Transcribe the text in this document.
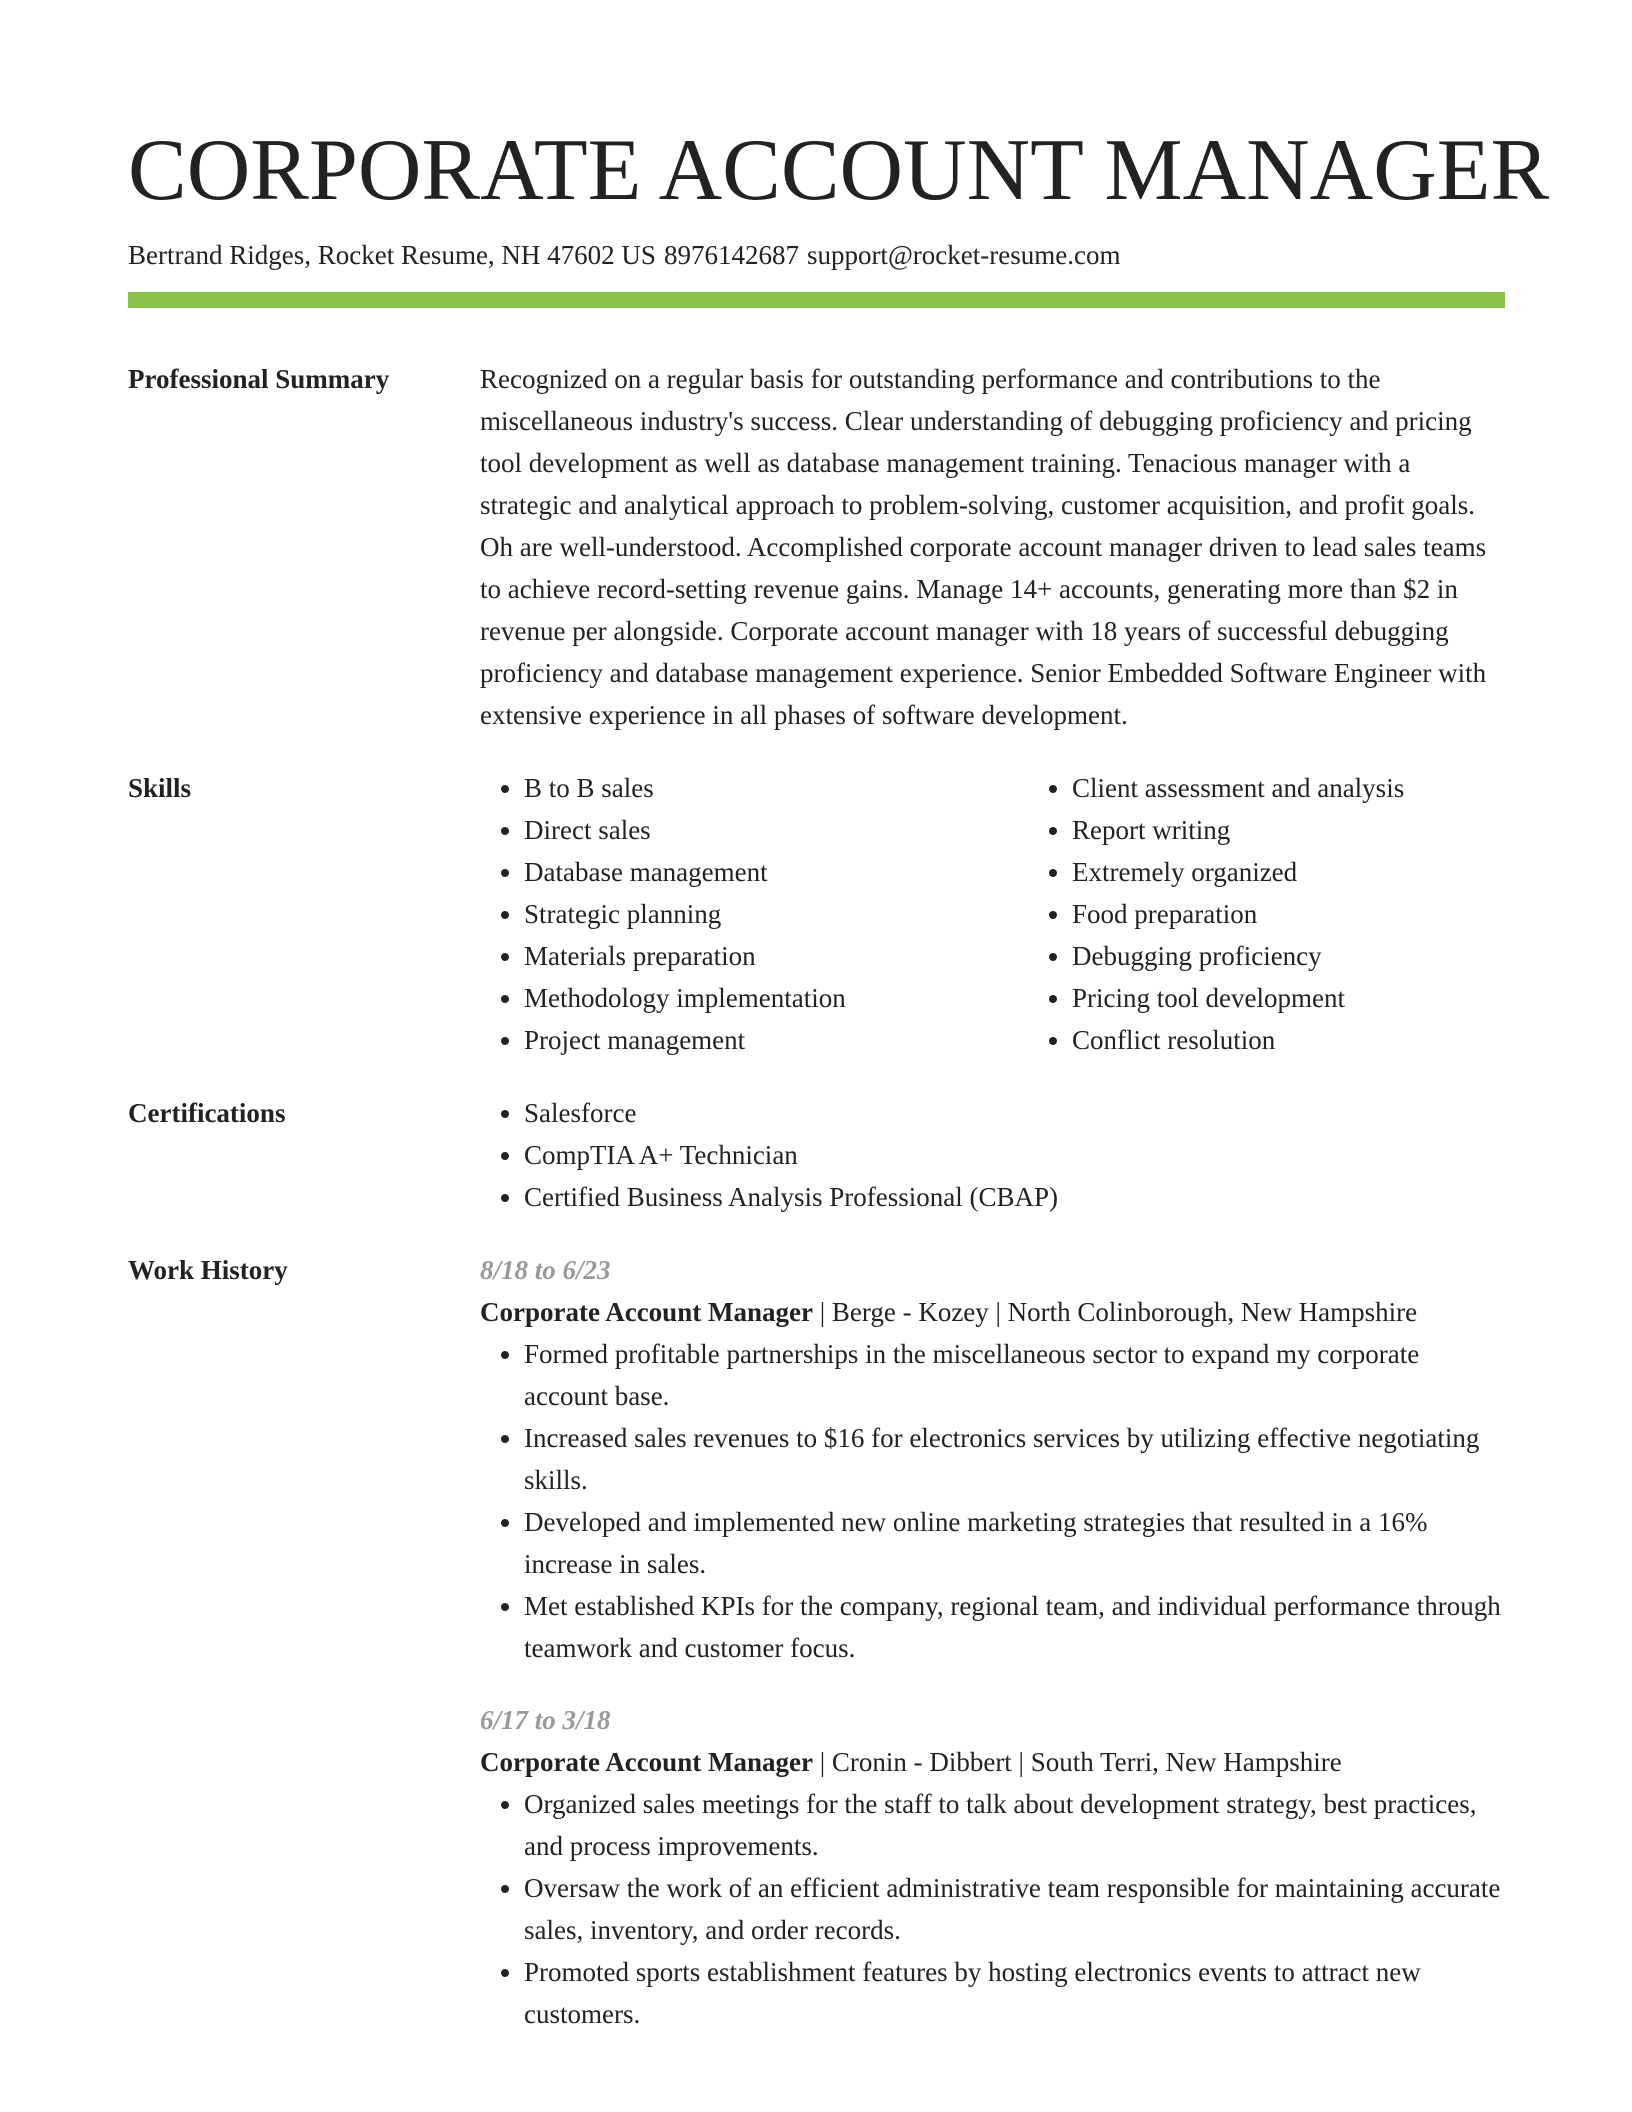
CORPORATE ACCOUNT MANAGER
Bertrand Ridges, Rocket Resume, NH 47602 US 8976142687 support@rocket-resume.com
Professional Summary	Recognized on a regular basis for outstanding performance and contributions to the miscellaneous industry's success. Clear understanding of debugging proficiency and pricing tool development as well as database management training. Tenacious manager with a strategic and analytical approach to problem-solving, customer acquisition, and profit goals. Oh are well-understood. Accomplished corporate account manager driven to lead sales teams to achieve record-setting revenue gains. Manage 14+ accounts, generating more than $2 in revenue per alongside. Corporate account manager with 18 years of successful debugging proficiency and database management experience. Senior Embedded Software Engineer with extensive experience in all phases of software development.
Skills	• B to B sales
• Direct sales
• Database management
• Strategic planning
• Materials preparation
• Methodology implementation
• Project management
• Client assessment and analysis
• Report writing
• Extremely organized
• Food preparation
• Debugging proficiency
• Pricing tool development
• Conflict resolution
Certifications	• Salesforce
• CompTIA A+ Technician
• Certified Business Analysis Professional (CBAP)
Work History	8/18 to 6/23
Corporate Account Manager | Berge - Kozey | North Colinborough, New Hampshire
• Formed profitable partnerships in the miscellaneous sector to expand my corporate account base.
• Increased sales revenues to $16 for electronics services by utilizing effective negotiating skills.
• Developed and implemented new online marketing strategies that resulted in a 16% increase in sales.
• Met established KPIs for the company, regional team, and individual performance through teamwork and customer focus.
6/17 to 3/18
Corporate Account Manager | Cronin - Dibbert | South Terri, New Hampshire
• Organized sales meetings for the staff to talk about development strategy, best practices, and process improvements.
• Oversaw the work of an efficient administrative team responsible for maintaining accurate sales, inventory, and order records.
• Promoted sports establishment features by hosting electronics events to attract new customers.
